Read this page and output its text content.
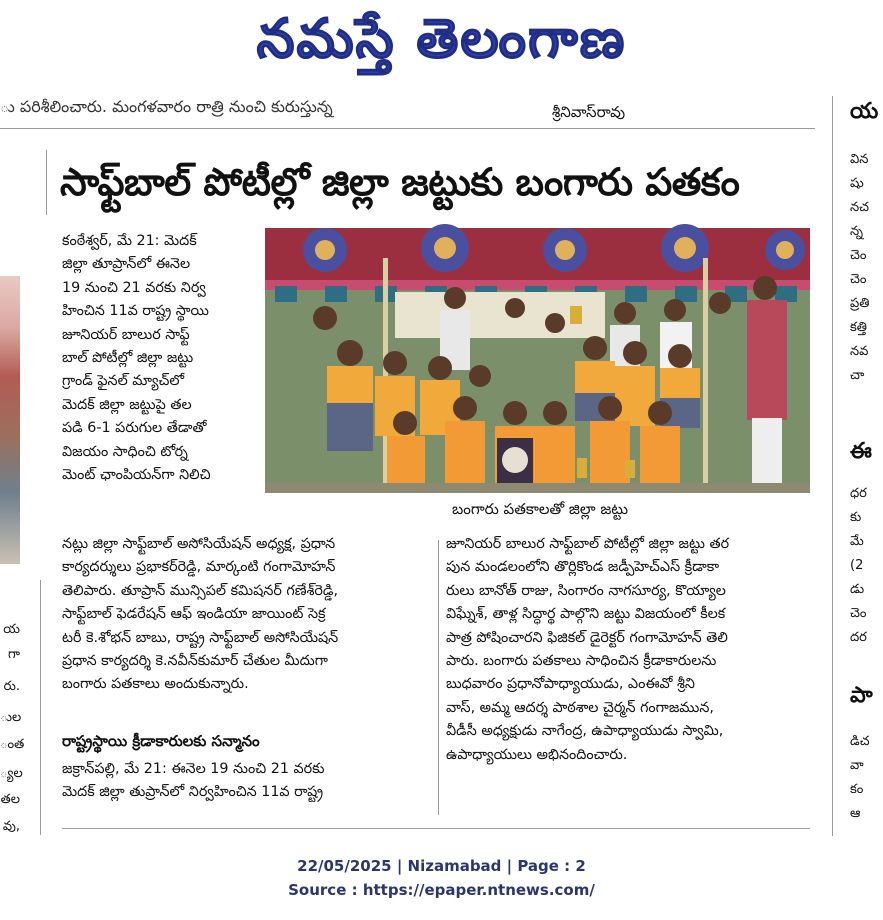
నమస్తే తెలంగాణ
ు పరిశీలించారు. మంగళవారం రాత్రి నుంచి కురుస్తున్న	శ్రీనివాస్‌రావు
సాఫ్ట్‌బాల్ పోటీల్లో జిల్లా జట్టుకు బంగారు పతకం

కంఠేశ్వర్, మే 21: మెదక్

జిల్లా తూప్రాన్‌లో ఈనెల

19 నుంచి 21 వరకు నిర్వ

హించిన 11వ రాష్ట్ర స్థాయి

జూనియర్ బాలుర సాఫ్ట్

బాల్ పోటీల్లో జిల్లా జట్టు

గ్రాండ్ ఫైనల్ మ్యాచ్‌లో

మెదక్ జిల్లా జట్టుపై తల

పడి 6-1 పరుగుల తేడాతో

విజయం సాధించి టోర్న

మెంట్ ఛాంపియన్‌గా నిలిచి

బంగారు పతకాలతో జిల్లా జట్టు

నట్లు జిల్లా సాఫ్ట్‌బాల్ అసోసియేషన్ అధ్యక్ష, ప్రధాన

కార్యదర్శులు ప్రభాకర్‌రెడ్డి, మార్కంటి గంగామోహన్

తెలిపారు. తూప్రాన్ మున్సిపల్ కమిషనర్ గణేశ్‌రెడ్డి,

సాఫ్ట్‌బాల్ ఫెడరేషన్ ఆఫ్ ఇండియా జాయింట్ సెక్ర

టరీ కె.శోభన్ బాబు, రాష్ట్ర సాఫ్ట్‌బాల్ అసోసియేషన్

ప్రధాన కార్యదర్శి కె.నవీన్‌కుమార్ చేతుల మీదుగా

బంగారు పతకాలు అందుకున్నారు.

రాష్ట్రస్థాయి క్రీడాకారులకు సన్మానం

జక్రాన్‌పల్లి, మే 21: ఈనెల 19 నుంచి 21 వరకు

మెదక్ జిల్లా తుప్రాన్‌లో నిర్వహించిన 11వ రాష్ట్ర

జూనియర్ బాలుర సాఫ్ట్‌బాల్ పోటీల్లో జిల్లా జట్టు తర

పున మండలంలోని తొర్లికొండ జడ్పీహెచ్ఎస్ క్రీడాకా

రులు బానోత్ రాజు, సింగారం నాగసూర్య, కొయ్యాల

విఘ్నేశ్, తాళ్ల సిద్ధార్థ పాల్గొని జట్టు విజయంలో కీలక

పాత్ర పోషించారని ఫిజికల్ డైరెక్టర్ గంగామోహన్ తెలి

పారు. బంగారు పతకాలు సాధించిన క్రీడాకారులను

బుధవారం ప్రధానోపాధ్యాయుడు, ఎంఈవో శ్రీని

వాస్, అమ్మ ఆదర్శ పాఠశాల చైర్మన్ గంగాజమున,

వీడీసీ అధ్యక్షుడు నాగేంద్ర, ఉపాధ్యాయుడు స్వామి,

ఉపాధ్యాయులు అభినందించారు.

య
గా
రు.
ుల
ంత
్యల
తల
వు,
య
విన
షు
నచ
న్న
చెం
చెం
ప్రతి
కత్తి
నవ
చా
ఈ
ధర
కు
మే
(2
డు
చెం
దర
పా
డిచ
వా
కం
ఆ
22/05/2025 | Nizamabad | Page : 2
Source : https://epaper.ntnews.com/
